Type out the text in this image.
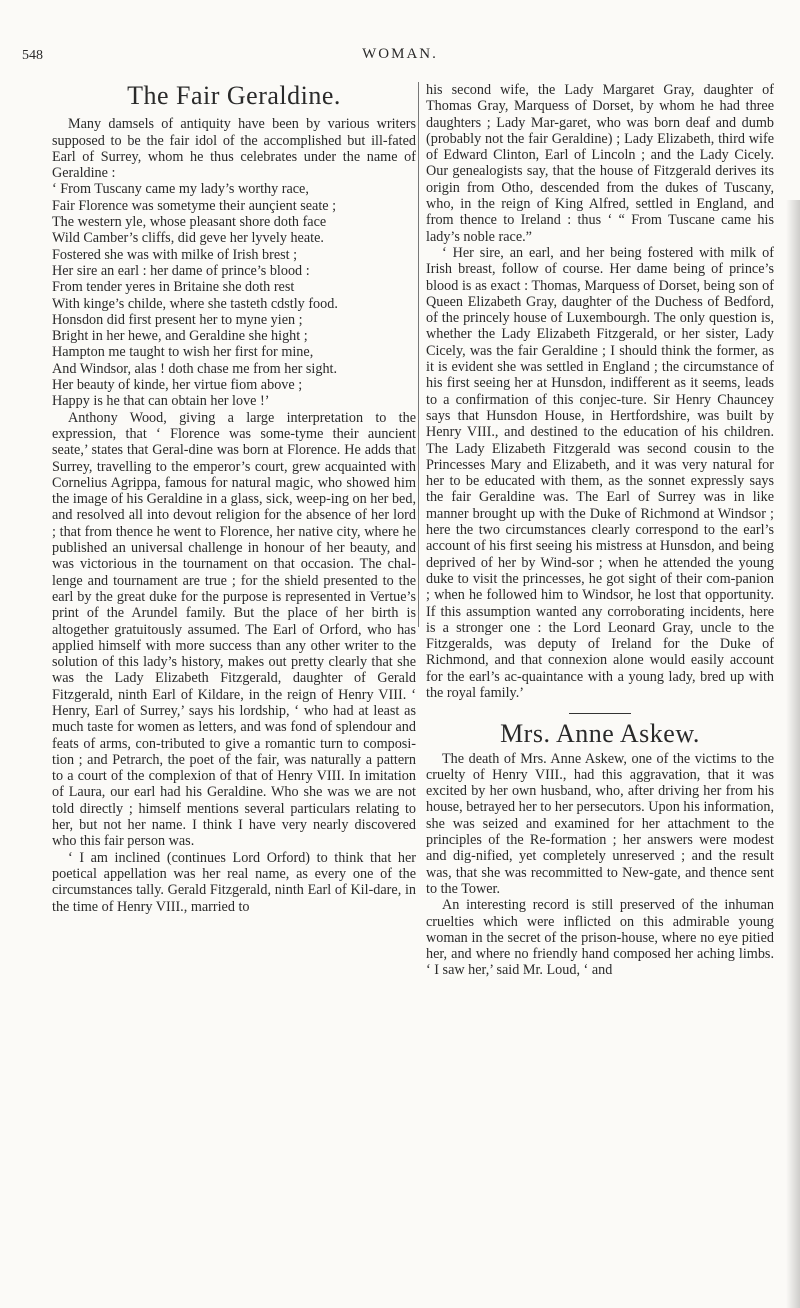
548	WOMAN.
The Fair Geraldine.

Many damsels of antiquity have been by various writers supposed to be the fair idol of the accomplished but ill-fated Earl of Surrey, whom he thus celebrates under the name of Geraldine :

‘ From Tuscany came my lady’s worthy race,
Fair Florence was sometyme their aunçient seate ;
The western yle, whose pleasant shore doth face
Wild Camber’s cliffs, did geve her lyvely heate.
Fostered she was with milke of Irish brest ;
Her sire an earl : her dame of prince’s blood :
From tender yeres in Britaine she doth rest
With kinge’s childe, where she tasteth cdstly food.
Honsdon did first present her to myne yien ;
Bright in her hewe, and Geraldine she hight ;
Hampton me taught to wish her first for mine,
And Windsor, alas ! doth chase me from her sight.
Her beauty of kinde, her virtue fiom above ;
Happy is he that can obtain her love !’

Anthony Wood, giving a large interpretation to the expression, that ‘ Florence was some-tyme their auncient seate,’ states that Geral-dine was born at Florence. He adds that Surrey, travelling to the emperor’s court, grew acquainted with Cornelius Agrippa, famous for natural magic, who showed him the image of his Geraldine in a glass, sick, weep-ing on her bed, and resolved all into devout religion for the absence of her lord ; that from thence he went to Florence, her native city, where he published an universal challenge in honour of her beauty, and was victorious in the tournament on that occasion. The chal-lenge and tournament are true ; for the shield presented to the earl by the great duke for the purpose is represented in Vertue’s print of the Arundel family. But the place of her birth is altogether gratuitously assumed. The Earl of Orford, who has applied himself with more success than any other writer to the solution of this lady’s history, makes out pretty clearly that she was the Lady Elizabeth Fitzgerald, daughter of Gerald Fitzgerald, ninth Earl of Kildare, in the reign of Henry VIII. ‘ Henry, Earl of Surrey,’ says his lordship, ‘ who had at least as much taste for women as letters, and was fond of splendour and feats of arms, con-tributed to give a romantic turn to composi-tion ; and Petrarch, the poet of the fair, was naturally a pattern to a court of the complexion of that of Henry VIII. In imitation of Laura, our earl had his Geraldine. Who she was we are not told directly ; himself mentions several particulars relating to her, but not her name. I think I have very nearly discovered who this fair person was.

‘ I am inclined (continues Lord Orford) to think that her poetical appellation was her real name, as every one of the circumstances tally. Gerald Fitzgerald, ninth Earl of Kil-dare, in the time of Henry VIII., married to

his second wife, the Lady Margaret Gray, daughter of Thomas Gray, Marquess of Dorset, by whom he had three daughters ; Lady Mar-garet, who was born deaf and dumb (probably not the fair Geraldine) ; Lady Elizabeth, third wife of Edward Clinton, Earl of Lincoln ; and the Lady Cicely. Our genealogists say, that the house of Fitzgerald derives its origin from Otho, descended from the dukes of Tuscany, who, in the reign of King Alfred, settled in England, and from thence to Ireland : thus ‘ “ From Tuscane came his lady’s noble race.”

‘ Her sire, an earl, and her being fostered with milk of Irish breast, follow of course. Her dame being of prince’s blood is as exact : Thomas, Marquess of Dorset, being son of Queen Elizabeth Gray, daughter of the Duchess of Bedford, of the princely house of Luxembourgh. The only question is, whether the Lady Elizabeth Fitzgerald, or her sister, Lady Cicely, was the fair Geraldine ; I should think the former, as it is evident she was settled in England ; the circumstance of his first seeing her at Hunsdon, indifferent as it seems, leads to a confirmation of this conjec-ture. Sir Henry Chauncey says that Hunsdon House, in Hertfordshire, was built by Henry VIII., and destined to the education of his children. The Lady Elizabeth Fitzgerald was second cousin to the Princesses Mary and Elizabeth, and it was very natural for her to be educated with them, as the sonnet expressly says the fair Geraldine was. The Earl of Surrey was in like manner brought up with the Duke of Richmond at Windsor ; here the two circumstances clearly correspond to the earl’s account of his first seeing his mistress at Hunsdon, and being deprived of her by Wind-sor ; when he attended the young duke to visit the princesses, he got sight of their com-panion ; when he followed him to Windsor, he lost that opportunity. If this assumption wanted any corroborating incidents, here is a stronger one : the Lord Leonard Gray, uncle to the Fitzgeralds, was deputy of Ireland for the Duke of Richmond, and that connexion alone would easily account for the earl’s ac-quaintance with a young lady, bred up with the royal family.’

Mrs. Anne Askew.

The death of Mrs. Anne Askew, one of the victims to the cruelty of Henry VIII., had this aggravation, that it was excited by her own husband, who, after driving her from his house, betrayed her to her persecutors. Upon his information, she was seized and examined for her attachment to the principles of the Re-formation ; her answers were modest and dig-nified, yet completely unreserved ; and the result was, that she was recommitted to New-gate, and thence sent to the Tower.

An interesting record is still preserved of the inhuman cruelties which were inflicted on this admirable young woman in the secret of the prison-house, where no eye pitied her, and where no friendly hand composed her aching limbs. ‘ I saw her,’ said Mr. Loud, ‘ and
